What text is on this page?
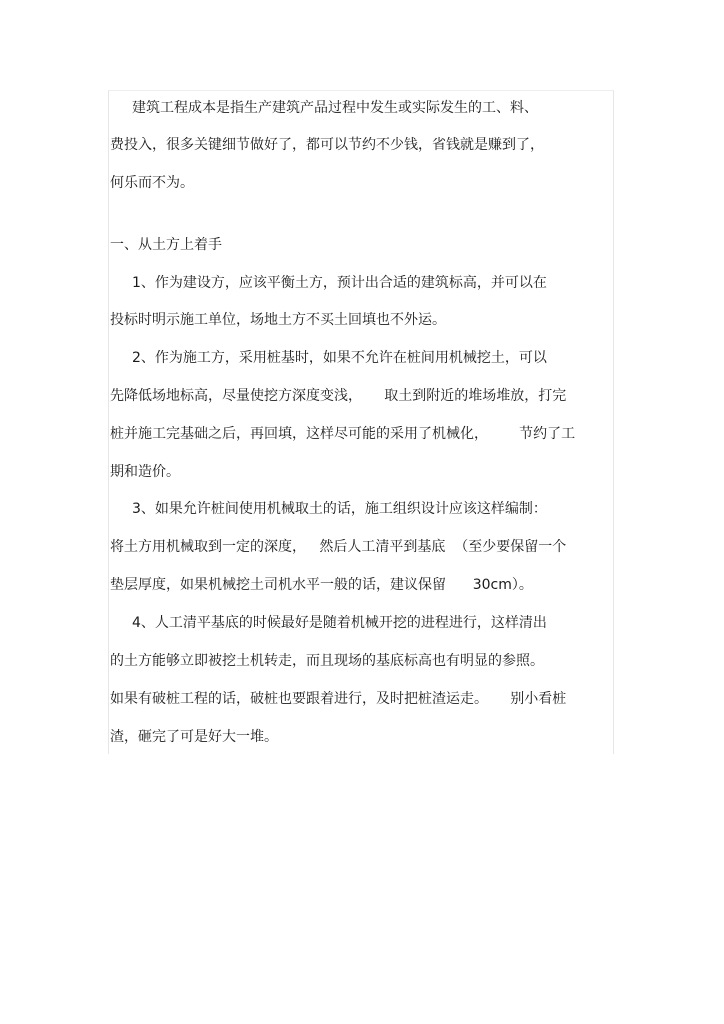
建筑工程成本是指生产建筑产品过程中发生或实际发生的工、料、
费投入，很多关键细节做好了，都可以节约不少钱，省钱就是赚到了，
何乐而不为。
一、从土方上着手
1、作为建设方，应该平衡土方，预计出合适的建筑标高，并可以在
投标时明示施工单位，场地土方不买土回填也不外运。
2、作为施工方，采用桩基时，如果不允许在桩间用机械挖土，可以
先降低场地标高，尽量使挖方深度变浅，     取土到附近的堆场堆放，打完
桩并施工完基础之后，再回填，这样尽可能的采用了机械化，       节约了工
期和造价。
3、如果允许桩间使用机械取土的话，施工组织设计应该这样编制：
将土方用机械取到一定的深度，   然后人工清平到基底  （至少要保留一个
垫层厚度，如果机械挖土司机水平一般的话，建议保留      30cm）。
4、人工清平基底的时候最好是随着机械开挖的进程进行，这样清出
的土方能够立即被挖土机转走，而且现场的基底标高也有明显的参照。
如果有破桩工程的话，破桩也要跟着进行，及时把桩渣运走。     别小看桩
渣，砸完了可是好大一堆。
